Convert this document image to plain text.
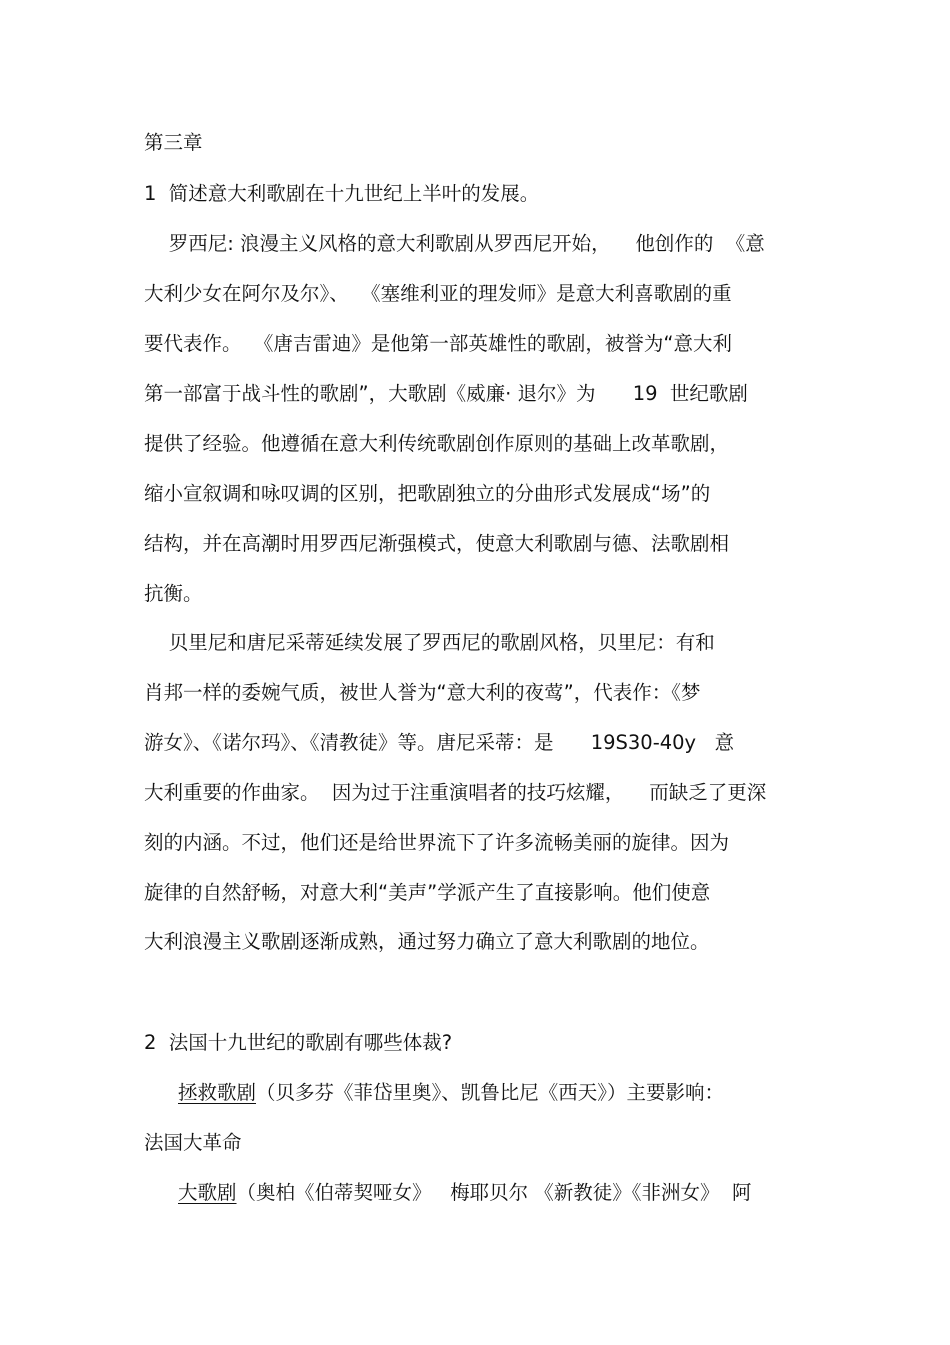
第三章

1  简述意大利歌剧在十九世纪上半叶的发展。

罗西尼: 浪漫主义风格的意大利歌剧从罗西尼开始，    他创作的  《意

大利少女在阿尔及尔》、  《塞维利亚的理发师》是意大利喜歌剧的重

要代表作。  《唐吉雷迪》是他第一部英雄性的歌剧，被誉为“意大利

第一部富于战斗性的歌剧”，大歌剧《威廉· 退尔》为      19  世纪歌剧

提供了经验。他遵循在意大利传统歌剧创作原则的基础上改革歌剧，

缩小宣叙调和咏叹调的区别，把歌剧独立的分曲形式发展成“场”的

结构，并在高潮时用罗西尼渐强模式，使意大利歌剧与德、法歌剧相

抗衡。

贝里尼和唐尼采蒂延续发展了罗西尼的歌剧风格，贝里尼：有和

肖邦一样的委婉气质，被世人誉为“意大利的夜莺”，代表作：《梦

游女》、《诺尔玛》、《清教徒》等。唐尼采蒂：是      19S30-40y   意

大利重要的作曲家。  因为过于注重演唱者的技巧炫耀，    而缺乏了更深

刻的内涵。不过，他们还是给世界流下了许多流畅美丽的旋律。因为

旋律的自然舒畅，对意大利“美声”学派产生了直接影响。他们使意

大利浪漫主义歌剧逐渐成熟，通过努力确立了意大利歌剧的地位。

2  法国十九世纪的歌剧有哪些体裁?

拯救歌剧（贝多芬《菲岱里奥》、凯鲁比尼《西天》）主要影响：

法国大革命

大歌剧（奥柏《伯蒂契哑女》   梅耶贝尔 《新教徒》《非洲女》  阿
